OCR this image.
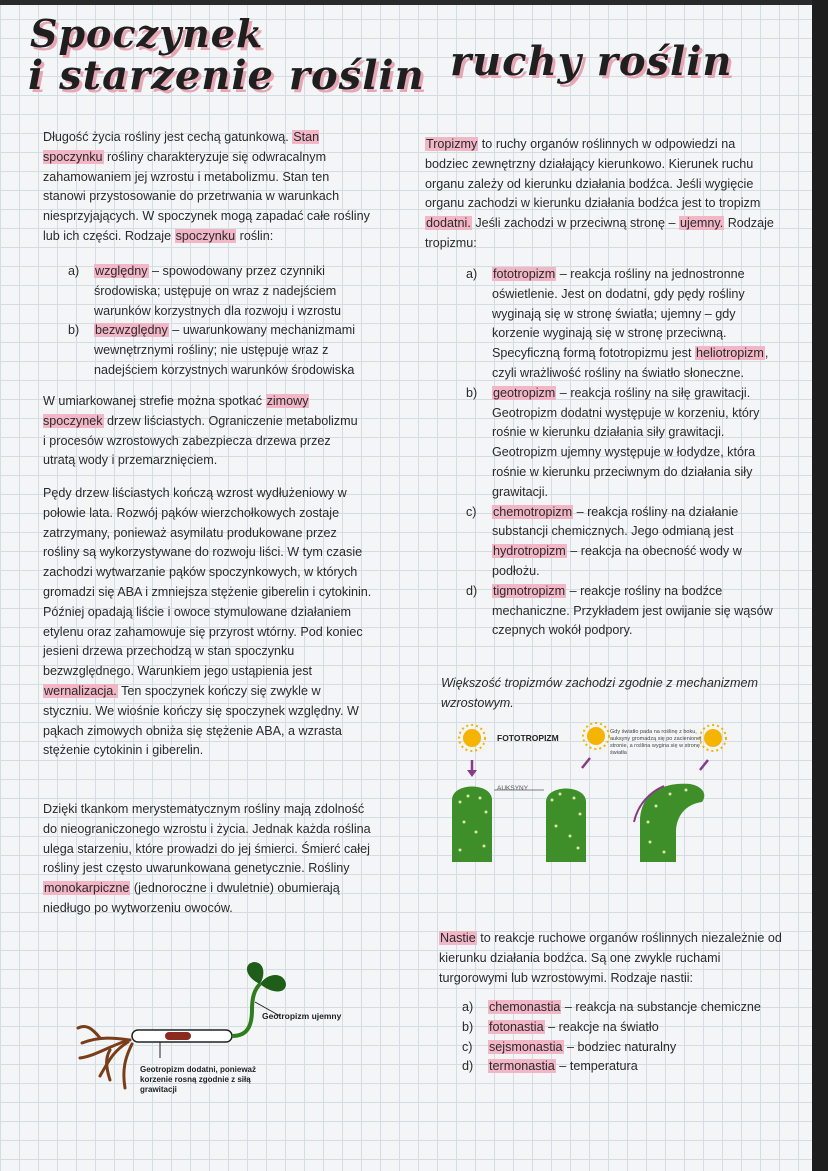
Spoczynek
i starzenie roślin ruchy roślin

Długość życia rośliny jest cechą gatunkową. Stan spoczynku rośliny charakteryzuje się odwracalnym zahamowaniem jej wzrostu i metabolizmu. Stan ten stanowi przystosowanie do przetrwania w warunkach niesprzyjających. W spoczynek mogą zapadać całe rośliny lub ich części. Rodzaje spoczynku roślin:

a) względny – spowodowany przez czynniki środowiska; ustępuje on wraz z nadejściem warunków korzystnych dla rozwoju i wzrostu
b) bezwzględny – uwarunkowany mechanizmami wewnętrznymi rośliny; nie ustępuje wraz z nadejściem korzystnych warunków środowiska

W umiarkowanej strefie można spotkać zimowy spoczynek drzew liściastych. Ograniczenie metabolizmu i procesów wzrostowych zabezpiecza drzewa przez utratą wody i przemarznięciem.

Pędy drzew liściastych kończą wzrost wydłużeniowy w połowie lata. Rozwój pąków wierzchołkowych zostaje zatrzymany, ponieważ asymilatu produkowane przez rośliny są wykorzystywane do rozwoju liści. W tym czasie zachodzi wytwarzanie pąków spoczynkowych, w których gromadzi się ABA i zmniejsza stężenie giberelin i cytokinin. Później opadają liście i owoce stymulowane działaniem etylenu oraz zahamowuje się przyrost wtórny. Pod koniec jesieni drzewa przechodzą w stan spoczynku bezwzględnego. Warunkiem jego ustąpienia jest wernalizacja. Ten spoczynek kończy się zwykle w styczniu. We wiośnie kończy się spoczynek względny. W pąkach zimowych obniża się stężenie ABA, a wzrasta stężenie cytokinin i giberelin.

Dzięki tkankom merystematycznym rośliny mają zdolność do nieograniczonego wzrostu i życia. Jednak każda roślina ulega starzeniu, które prowadzi do jej śmierci. Śmierć całej rośliny jest często uwarunkowana genetycznie. Rośliny monokarpiczne (jednoroczne i dwuletnie) obumierają niedługo po wytworzeniu owoców.

Geotropizm ujemny
Geotropizm dodatni, ponieważ korzenie rosną zgodnie z siłą grawitacji

Tropizmy to ruchy organów roślinnych w odpowiedzi na bodziec zewnętrzny działający kierunkowo. Kierunek ruchu organu zależy od kierunku działania bodźca. Jeśli wygięcie organu zachodzi w kierunku działania bodźca jest to tropizm dodatni. Jeśli zachodzi w przeciwną stronę – ujemny. Rodzaje tropizmu:

a) fototropizm – reakcja rośliny na jednostronne oświetlenie. Jest on dodatni, gdy pędy rośliny wyginają się w stronę światła; ujemny – gdy korzenie wyginają się w stronę przeciwną. Specyficzną formą fototropizmu jest heliotropizm, czyli wrażliwość rośliny na światło słoneczne.
b) geotropizm – reakcja rośliny na siłę grawitacji. Geotropizm dodatni występuje w korzeniu, który rośnie w kierunku działania siły grawitacji. Geotropizm ujemny występuje w łodydze, która rośnie w kierunku przeciwnym do działania siły grawitacji.
c) chemotropizm – reakcja rośliny na działanie substancji chemicznych. Jego odmianą jest hydrotropizm – reakcja na obecność wody w podłożu.
d) tigmotropizm – reakcje rośliny na bodźce mechaniczne. Przykładem jest owijanie się wąsów czepnych wokół podpory.
Większość tropizmów zachodzi zgodnie z mechanizmem wzrostowym.
FOTOTROPIZM
AUKSYNY
Gdy światło pada na roślinę z boku, auksyny gromadzą się po zacienionej stronie, a roślina wygina się w stronę światła

Nastie to reakcje ruchowe organów roślinnych niezależnie od kierunku działania bodźca. Są one zwykle ruchami turgorowymi lub wzrostowymi. Rodzaje nastii:

a) chemonastia – reakcja na substancje chemiczne
b) fotonastia – reakcje na światło
c) sejsmonastia – bodziec naturalny
d) termonastia – temperatura
